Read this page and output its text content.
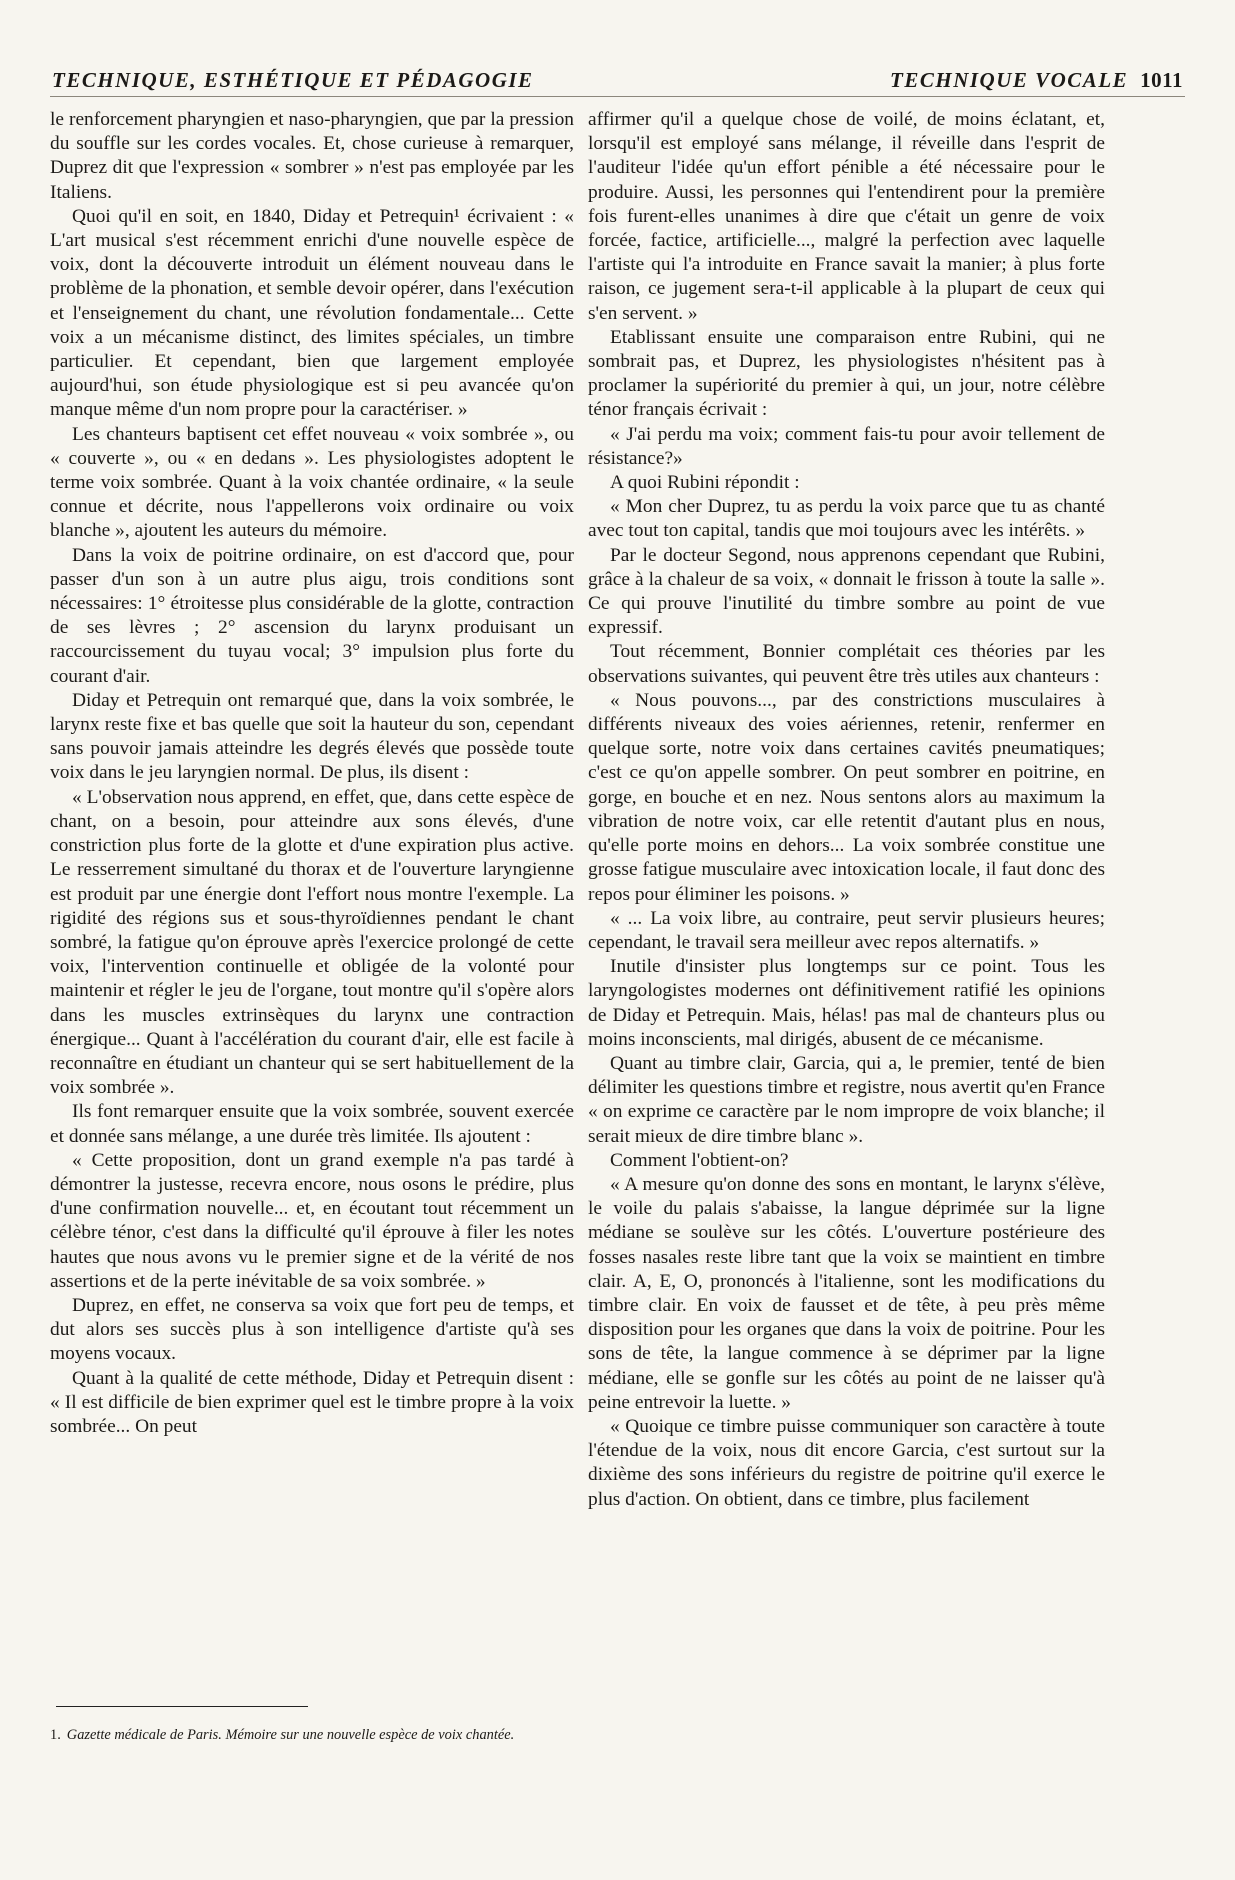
TECHNIQUE, ESTHÉTIQUE ET PÉDAGOGIE	TECHNIQUE VOCALE 1011

le renforcement pharyngien et naso-pharyngien, que par la pression du souffle sur les cordes vocales. Et, chose curieuse à remarquer, Duprez dit que l'expression « sombrer » n'est pas employée par les Italiens.

Quoi qu'il en soit, en 1840, Diday et Petrequin¹ écrivaient : « L'art musical s'est récemment enrichi d'une nouvelle espèce de voix, dont la découverte introduit un élément nouveau dans le problème de la phonation, et semble devoir opérer, dans l'exécution et l'enseignement du chant, une révolution fondamentale... Cette voix a un mécanisme distinct, des limites spéciales, un timbre particulier. Et cependant, bien que largement employée aujourd'hui, son étude physiologique est si peu avancée qu'on manque même d'un nom propre pour la caractériser. »

Les chanteurs baptisent cet effet nouveau « voix sombrée », ou « couverte », ou « en dedans ». Les physiologistes adoptent le terme voix sombrée. Quant à la voix chantée ordinaire, « la seule connue et décrite, nous l'appellerons voix ordinaire ou voix blanche », ajoutent les auteurs du mémoire.

Dans la voix de poitrine ordinaire, on est d'accord que, pour passer d'un son à un autre plus aigu, trois conditions sont nécessaires: 1° étroitesse plus considérable de la glotte, contraction de ses lèvres ; 2° ascension du larynx produisant un raccourcissement du tuyau vocal; 3° impulsion plus forte du courant d'air.

Diday et Petrequin ont remarqué que, dans la voix sombrée, le larynx reste fixe et bas quelle que soit la hauteur du son, cependant sans pouvoir jamais atteindre les degrés élevés que possède toute voix dans le jeu laryngien normal. De plus, ils disent :

« L'observation nous apprend, en effet, que, dans cette espèce de chant, on a besoin, pour atteindre aux sons élevés, d'une constriction plus forte de la glotte et d'une expiration plus active. Le resserrement simultané du thorax et de l'ouverture laryngienne est produit par une énergie dont l'effort nous montre l'exemple. La rigidité des régions sus et sous-thyroïdiennes pendant le chant sombré, la fatigue qu'on éprouve après l'exercice prolongé de cette voix, l'intervention continuelle et obligée de la volonté pour maintenir et régler le jeu de l'organe, tout montre qu'il s'opère alors dans les muscles extrinsèques du larynx une contraction énergique... Quant à l'accélération du courant d'air, elle est facile à reconnaître en étudiant un chanteur qui se sert habituellement de la voix sombrée ».

Ils font remarquer ensuite que la voix sombrée, souvent exercée et donnée sans mélange, a une durée très limitée. Ils ajoutent :

« Cette proposition, dont un grand exemple n'a pas tardé à démontrer la justesse, recevra encore, nous osons le prédire, plus d'une confirmation nouvelle... et, en écoutant tout récemment un célèbre ténor, c'est dans la difficulté qu'il éprouve à filer les notes hautes que nous avons vu le premier signe et de la vérité de nos assertions et de la perte inévitable de sa voix sombrée. »

Duprez, en effet, ne conserva sa voix que fort peu de temps, et dut alors ses succès plus à son intelligence d'artiste qu'à ses moyens vocaux.

Quant à la qualité de cette méthode, Diday et Petrequin disent : « Il est difficile de bien exprimer quel est le timbre propre à la voix sombrée... On peut

affirmer qu'il a quelque chose de voilé, de moins éclatant, et, lorsqu'il est employé sans mélange, il réveille dans l'esprit de l'auditeur l'idée qu'un effort pénible a été nécessaire pour le produire. Aussi, les personnes qui l'entendirent pour la première fois furent-elles unanimes à dire que c'était un genre de voix forcée, factice, artificielle..., malgré la perfection avec laquelle l'artiste qui l'a introduite en France savait la manier; à plus forte raison, ce jugement sera-t-il applicable à la plupart de ceux qui s'en servent. »

Etablissant ensuite une comparaison entre Rubini, qui ne sombrait pas, et Duprez, les physiologistes n'hésitent pas à proclamer la supériorité du premier à qui, un jour, notre célèbre ténor français écrivait :

« J'ai perdu ma voix; comment fais-tu pour avoir tellement de résistance?»

A quoi Rubini répondit :

« Mon cher Duprez, tu as perdu la voix parce que tu as chanté avec tout ton capital, tandis que moi toujours avec les intérêts. »

Par le docteur Segond, nous apprenons cependant que Rubini, grâce à la chaleur de sa voix, « donnait le frisson à toute la salle ». Ce qui prouve l'inutilité du timbre sombre au point de vue expressif.

Tout récemment, Bonnier complétait ces théories par les observations suivantes, qui peuvent être très utiles aux chanteurs :

« Nous pouvons..., par des constrictions musculaires à différents niveaux des voies aériennes, retenir, renfermer en quelque sorte, notre voix dans certaines cavités pneumatiques; c'est ce qu'on appelle sombrer. On peut sombrer en poitrine, en gorge, en bouche et en nez. Nous sentons alors au maximum la vibration de notre voix, car elle retentit d'autant plus en nous, qu'elle porte moins en dehors... La voix sombrée constitue une grosse fatigue musculaire avec intoxication locale, il faut donc des repos pour éliminer les poisons. »

« ... La voix libre, au contraire, peut servir plusieurs heures; cependant, le travail sera meilleur avec repos alternatifs. »

Inutile d'insister plus longtemps sur ce point. Tous les laryngologistes modernes ont définitivement ratifié les opinions de Diday et Petrequin. Mais, hélas! pas mal de chanteurs plus ou moins inconscients, mal dirigés, abusent de ce mécanisme.

Quant au timbre clair, Garcia, qui a, le premier, tenté de bien délimiter les questions timbre et registre, nous avertit qu'en France « on exprime ce caractère par le nom impropre de voix blanche; il serait mieux de dire timbre blanc ».

Comment l'obtient-on?

« A mesure qu'on donne des sons en montant, le larynx s'élève, le voile du palais s'abaisse, la langue déprimée sur la ligne médiane se soulève sur les côtés. L'ouverture postérieure des fosses nasales reste libre tant que la voix se maintient en timbre clair. A, E, O, prononcés à l'italienne, sont les modifications du timbre clair. En voix de fausset et de tête, à peu près même disposition pour les organes que dans la voix de poitrine. Pour les sons de tête, la langue commence à se déprimer par la ligne médiane, elle se gonfle sur les côtés au point de ne laisser qu'à peine entrevoir la luette. »

« Quoique ce timbre puisse communiquer son caractère à toute l'étendue de la voix, nous dit encore Garcia, c'est surtout sur la dixième des sons inférieurs du registre de poitrine qu'il exerce le plus d'action. On obtient, dans ce timbre, plus facilement

1. Gazette médicale de Paris. Mémoire sur une nouvelle espèce de voix chantée.
